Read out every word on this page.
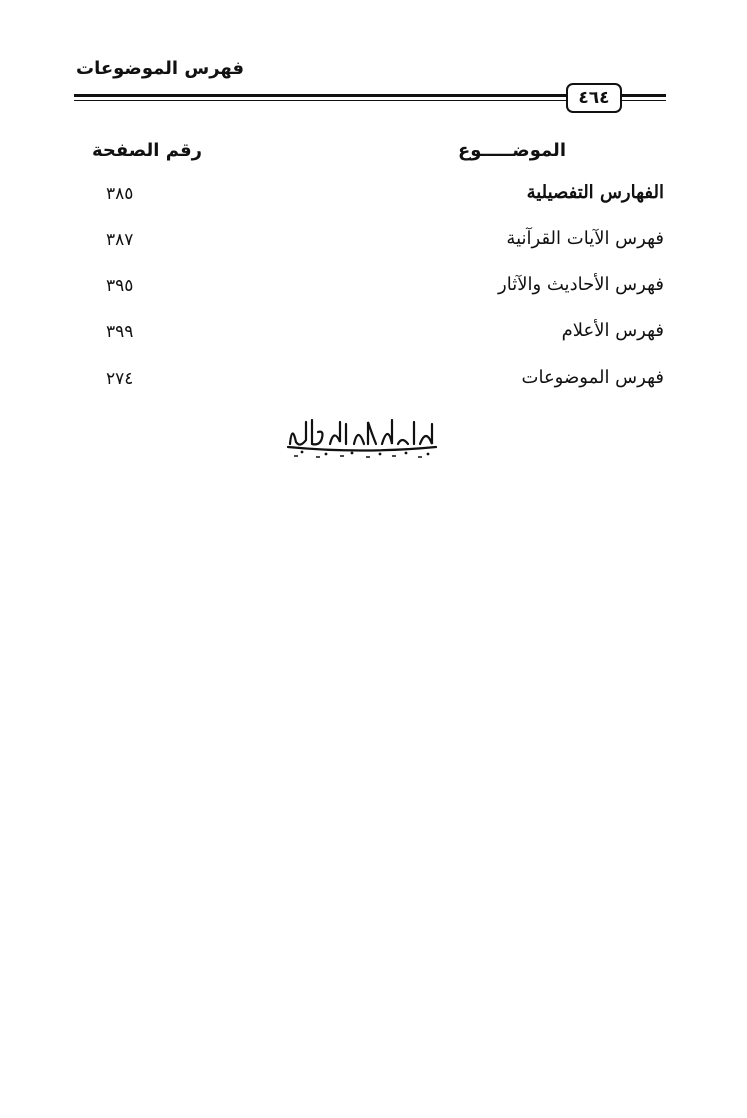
فهرس الموضوعات
٤٦٤
الموضـــــوع
رقم الصفحة
الفهارس التفصيلية
٣٨٥
فهرس الآيات القرآنية
٣٨٧
فهرس الأحاديث والآثار
٣٩٥
فهرس الأعلام
٣٩٩
فهرس الموضوعات
٢٧٤
